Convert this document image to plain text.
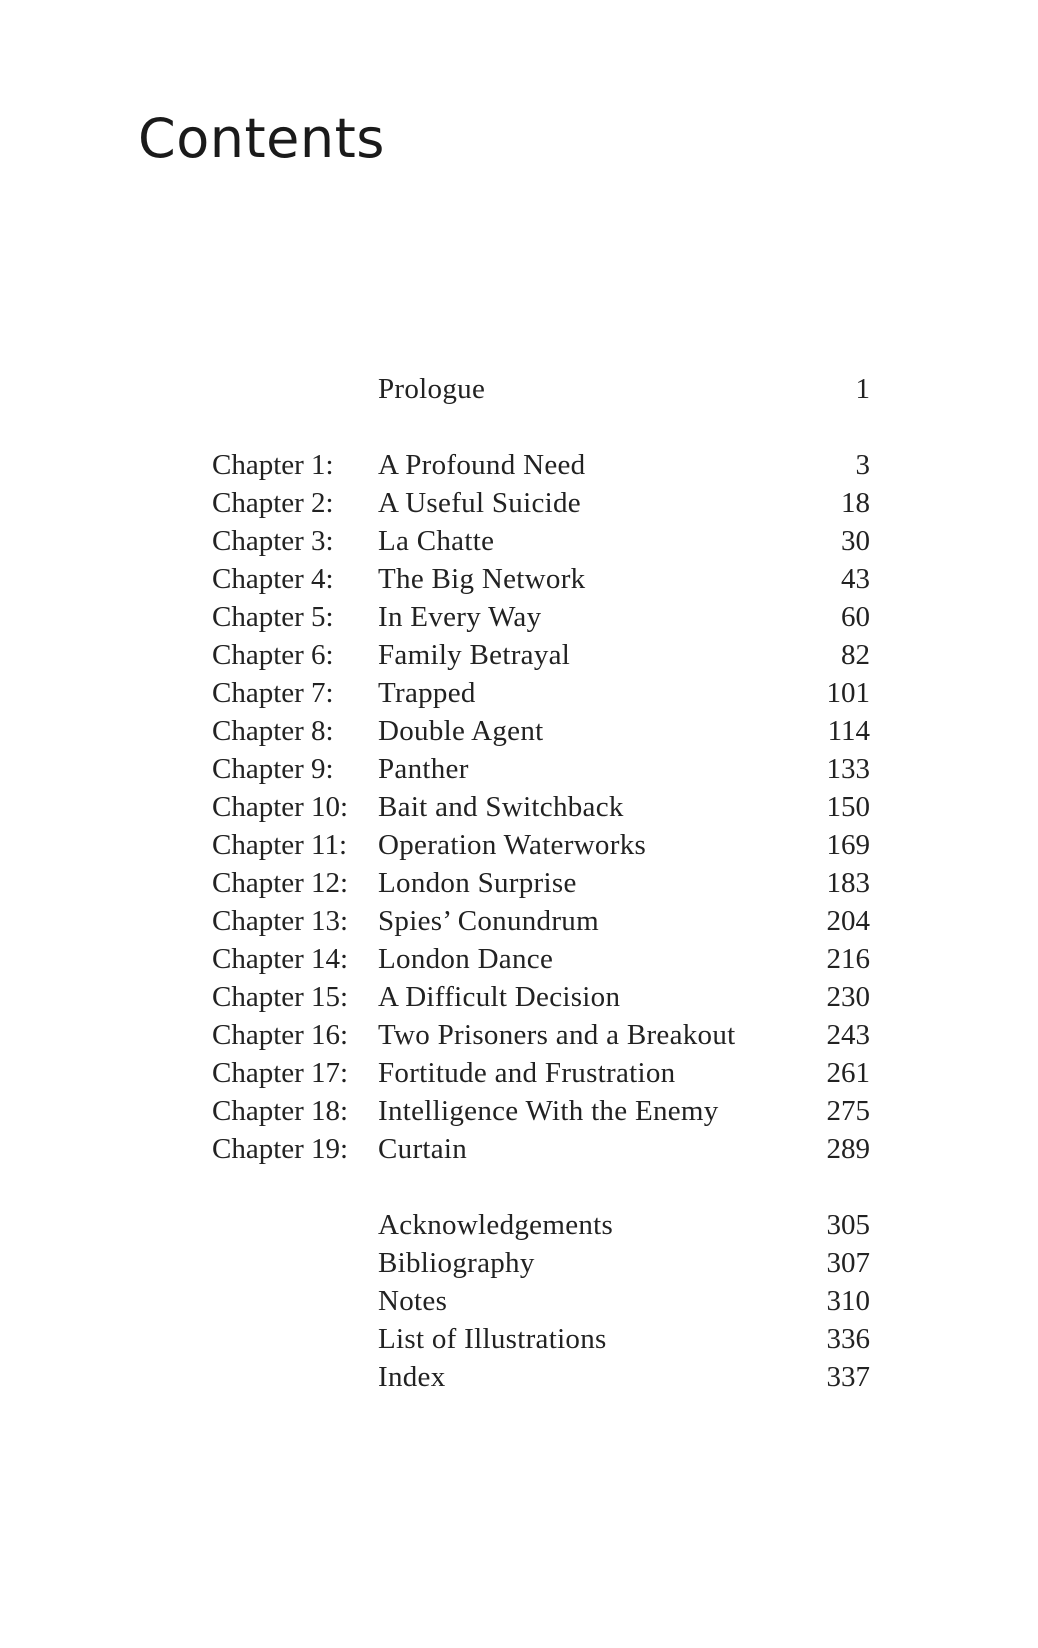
Contents
Prologue	1
Chapter 1: A Profound Need	3
Chapter 2: A Useful Suicide	18
Chapter 3: La Chatte	30
Chapter 4: The Big Network	43
Chapter 5: In Every Way	60
Chapter 6: Family Betrayal	82
Chapter 7: Trapped	101
Chapter 8: Double Agent	114
Chapter 9: Panther	133
Chapter 10: Bait and Switchback	150
Chapter 11: Operation Waterworks	169
Chapter 12: London Surprise	183
Chapter 13: Spies’ Conundrum	204
Chapter 14: London Dance	216
Chapter 15: A Difficult Decision	230
Chapter 16: Two Prisoners and a Breakout	243
Chapter 17: Fortitude and Frustration	261
Chapter 18: Intelligence With the Enemy	275
Chapter 19: Curtain	289
Acknowledgements	305
Bibliography	307
Notes	310
List of Illustrations	336
Index	337
